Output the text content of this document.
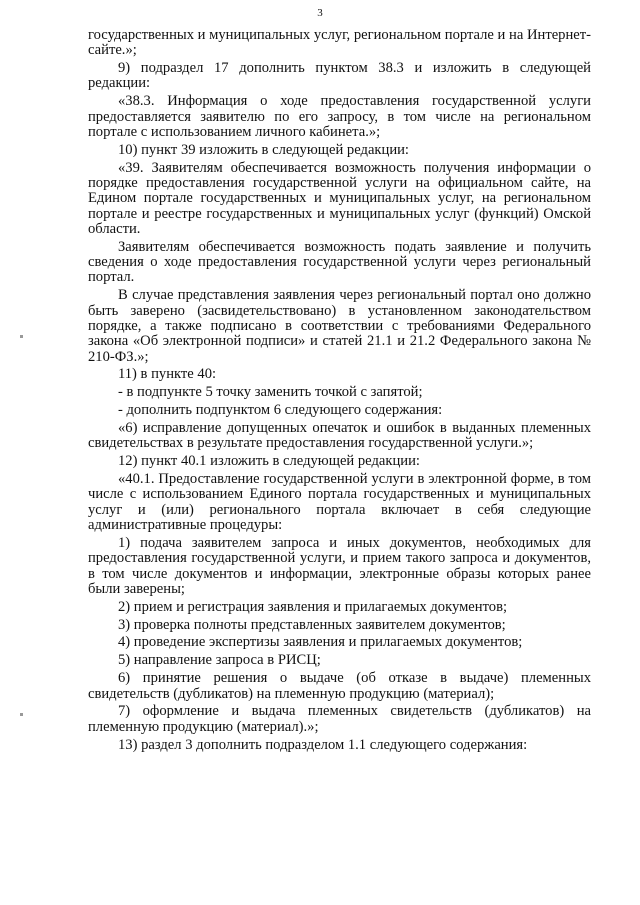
3

государственных и муниципальных услуг, региональном портале и на Интернет-сайте.»;

9) подраздел 17 дополнить пунктом 38.3 и изложить в следующей редакции:

«38.3. Информация о ходе предоставления государственной услуги предоставляется заявителю по его запросу, в том числе на региональном портале с использованием личного кабинета.»;

10) пункт 39 изложить в следующей редакции:

«39. Заявителям обеспечивается возможность получения информации о порядке предоставления государственной услуги на официальном сайте, на Едином портале государственных и муниципальных услуг, на региональном портале и реестре государственных и муниципальных услуг (функций) Омской области.

Заявителям обеспечивается возможность подать заявление и получить сведения о ходе предоставления государственной услуги через региональный портал.

В случае представления заявления через региональный портал оно должно быть заверено (засвидетельствовано) в установленном законодательством порядке, а также подписано в соответствии с требованиями Федерального закона «Об электронной подписи» и статей 21.1 и 21.2 Федерального закона № 210-ФЗ.»;

11) в пункте 40:

- в подпункте 5 точку заменить точкой с запятой;

- дополнить подпунктом 6 следующего содержания:

«6) исправление допущенных опечаток и ошибок в выданных племенных свидетельствах в результате предоставления государственной услуги.»;

12) пункт 40.1 изложить в следующей редакции:

«40.1. Предоставление государственной услуги в электронной форме, в том числе с использованием Единого портала государственных и муниципальных услуг и (или) регионального портала включает в себя следующие административные процедуры:

1) подача заявителем запроса и иных документов, необходимых для предоставления государственной услуги, и прием такого запроса и документов, в том числе документов и информации, электронные образы которых ранее были заверены;

2) прием и регистрация заявления и прилагаемых документов;

3) проверка полноты представленных заявителем документов;

4) проведение экспертизы заявления и прилагаемых документов;

5) направление запроса в РИСЦ;

6) принятие решения о выдаче (об отказе в выдаче) племенных свидетельств (дубликатов) на племенную продукцию (материал);

7) оформление и выдача племенных свидетельств (дубликатов) на племенную продукцию (материал).»;

13) раздел 3 дополнить подразделом 1.1 следующего содержания:
